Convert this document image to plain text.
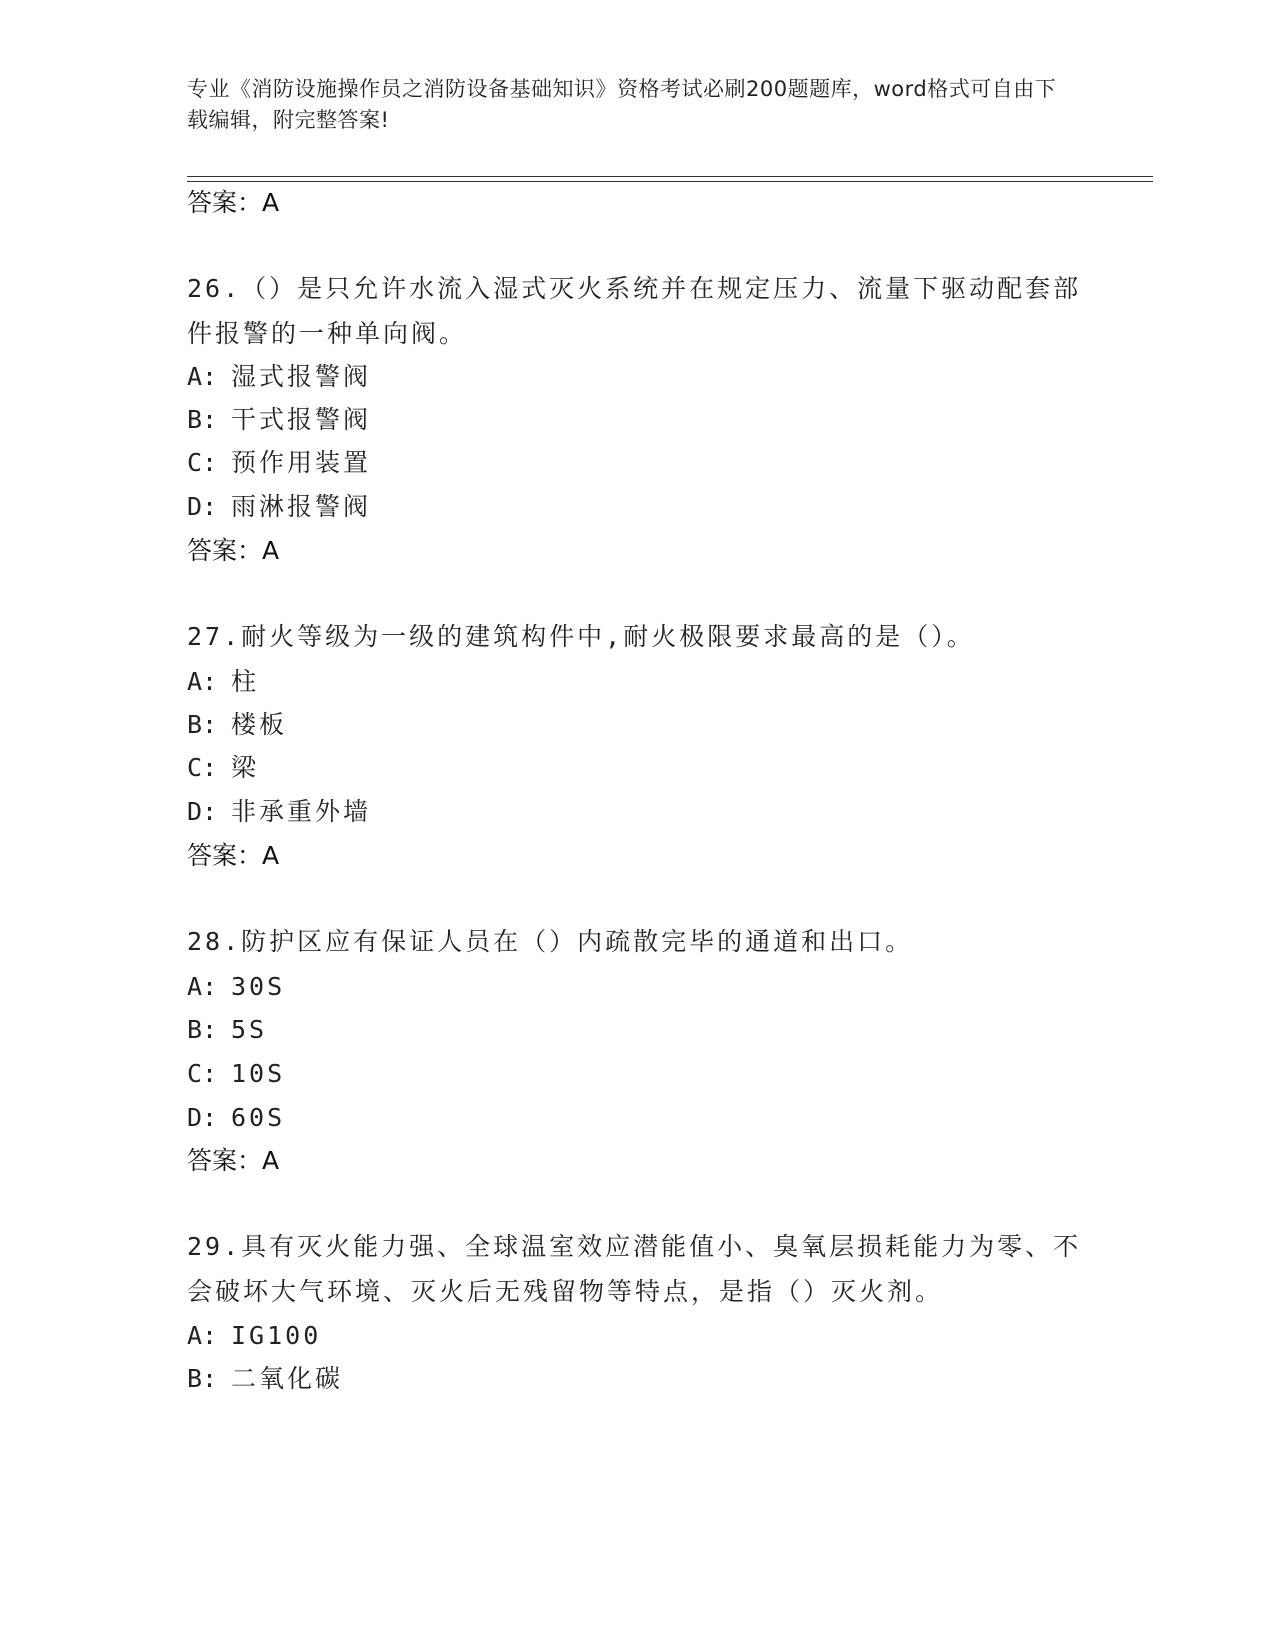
专业《消防设施操作员之消防设备基础知识》资格考试必刷200题题库，word格式可自由下载编辑，附完整答案!
答案：A
26.（）是只允许水流入湿式灭火系统并在规定压力、流量下驱动配套部件报警的一种单向阀。
A: 湿式报警阀
B: 干式报警阀
C: 预作用装置
D: 雨淋报警阀
答案：A
27.耐火等级为一级的建筑构件中,耐火极限要求最高的是（）。
A: 柱
B: 楼板
C: 梁
D: 非承重外墙
答案：A
28.防护区应有保证人员在（）内疏散完毕的通道和出口。
A: 30S
B: 5S
C: 10S
D: 60S
答案：A
29.具有灭火能力强、全球温室效应潜能值小、臭氧层损耗能力为零、不会破坏大气环境、灭火后无残留物等特点，是指（）灭火剂。
A: IG100
B: 二氧化碳
